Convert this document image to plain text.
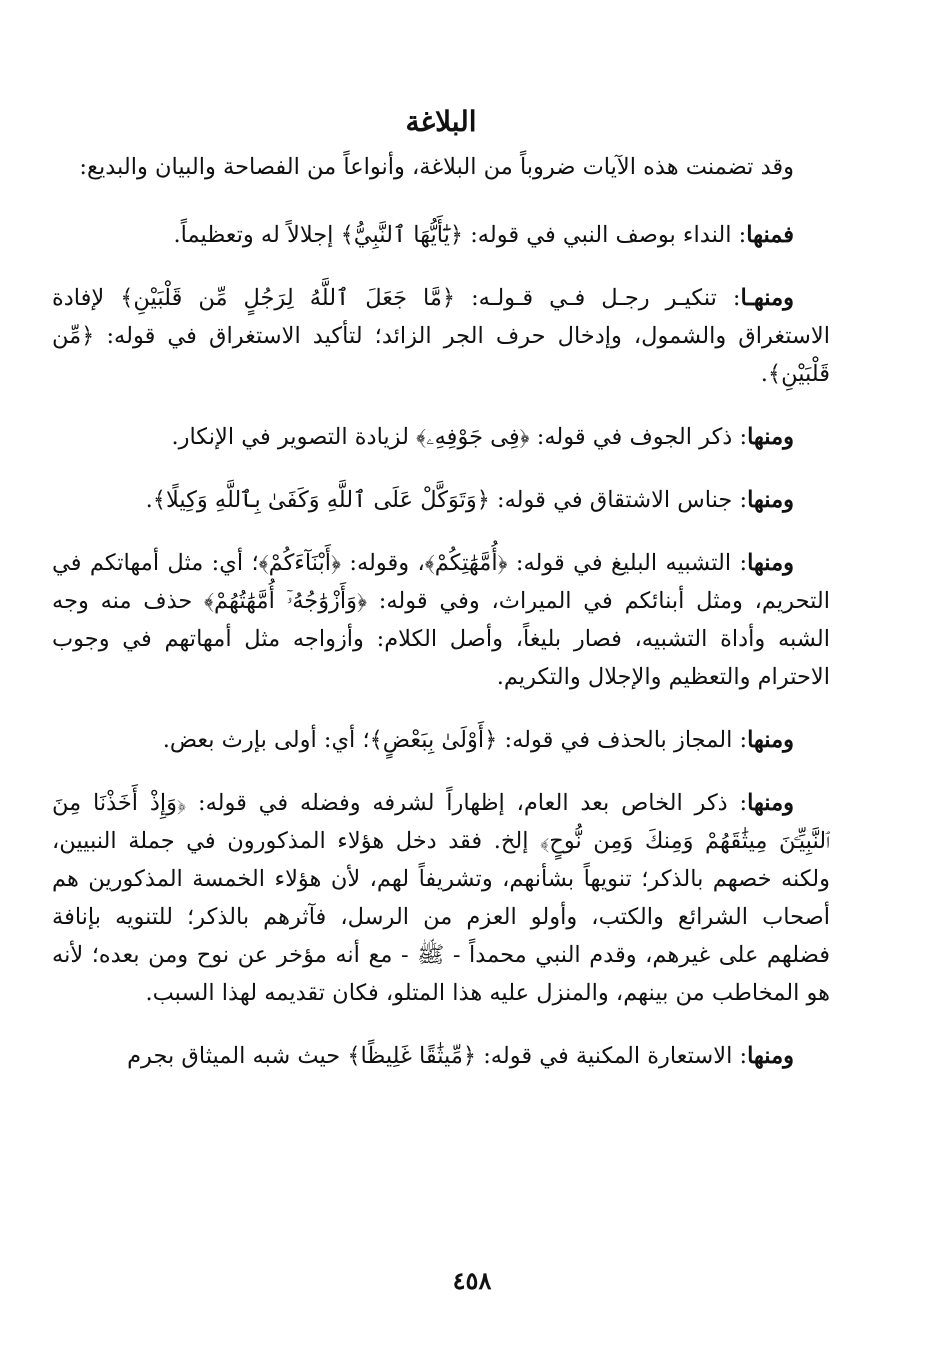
البلاغة

وقد تضمنت هذه الآيات ضروباً من البلاغة، وأنواعاً من الفصاحة والبيان والبديع:

فمنها: النداء بوصف النبي في قوله: ﴿يَٰٓأَيُّهَا ٱلنَّبِيُّ﴾ إجلالاً له وتعظيماً.

ومنهـا: تنكيـر رجـل فـي قـولـه: ﴿مَّا جَعَلَ ٱللَّهُ لِرَجُلٍ مِّن قَلْبَيْنِ﴾ لإفادة الاستغراق والشمول، وإدخال حرف الجر الزائد؛ لتأكيد الاستغراق في قوله: ﴿مِّن قَلْبَيْنِ﴾.

ومنها: ذكر الجوف في قوله: ﴿فِى جَوْفِهِۦ﴾ لزيادة التصوير في الإنكار.

ومنها: جناس الاشتقاق في قوله: ﴿وَتَوَكَّلْ عَلَى ٱللَّهِ وَكَفَىٰ بِٱللَّهِ وَكِيلًا﴾.

ومنها: التشبيه البليغ في قوله: ﴿أُمَّهَٰتِكُمْ﴾، وقوله: ﴿أَبْنَآءَكُمْ﴾؛ أي: مثل أمهاتكم في التحريم، ومثل أبنائكم في الميراث، وفي قوله: ﴿وَأَزْوَٰجُهُۥٓ أُمَّهَٰتُهُمْ﴾ حذف منه وجه الشبه وأداة التشبيه، فصار بليغاً، وأصل الكلام: وأزواجه مثل أمهاتهم في وجوب الاحترام والتعظيم والإجلال والتكريم.

ومنها: المجاز بالحذف في قوله: ﴿أَوْلَىٰ بِبَعْضٍ﴾؛ أي: أولى بإرث بعض.

ومنها: ذكر الخاص بعد العام، إظهاراً لشرفه وفضله في قوله: ﴿وَإِذْ أَخَذْنَا مِنَ ٱلنَّبِيِّـۧنَ مِيثَٰقَهُمْ وَمِنكَ وَمِن نُّوحٍ﴾ إلخ. فقد دخل هؤلاء المذكورون في جملة النبيين، ولكنه خصهم بالذكر؛ تنويهاً بشأنهم، وتشريفاً لهم، لأن هؤلاء الخمسة المذكورين هم أصحاب الشرائع والكتب، وأولو العزم من الرسل، فآثرهم بالذكر؛ للتنويه بإنافة فضلهم على غيرهم، وقدم النبي محمداً - ﷺ - مع أنه مؤخر عن نوح ومن بعده؛ لأنه هو المخاطب من بينهم، والمنزل عليه هذا المتلو، فكان تقديمه لهذا السبب.

ومنها: الاستعارة المكنية في قوله: ﴿مِّيثَٰقًا غَلِيظًا﴾ حيث شبه الميثاق بجرم

٤٥٨
